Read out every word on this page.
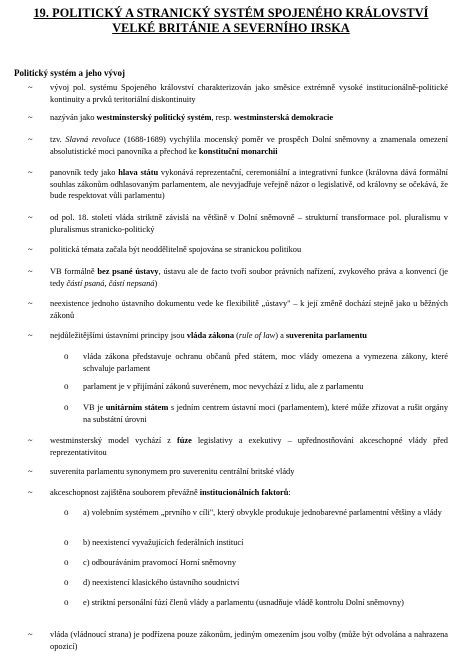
19. POLITICKÝ A STRANICKÝ SYSTÉM SPOJENÉHO KRÁLOVSTVÍ
VELKÉ BRITÁNIE A SEVERNÍHO IRSKA
Politický systém a jeho vývoj
~	vývoj pol. systému Spojeného království charakterizován jako směsice extrémně vysoké institucionálně-politické kontinuity a prvků teritoriální diskontinuity
~	nazýván jako westminsterský politický systém, resp. westminsterská demokracie
~	tzv. Slavná revoluce (1688-1689) vychýlila mocenský poměr ve prospěch Dolní sněmovny a znamenala omezení absolutistické moci panovníka a přechod ke konstituční monarchii
~	panovník tedy jako hlava státu vykonává reprezentační, ceremoniální a integrativní funkce (královna dává formální souhlas zákonům odhlasovaným parlamentem, ale nevyjadřuje veřejně názor o legislativě, od královny se očekává, že bude respektovat vůli parlamentu)
~	od pol. 18. století vláda striktně závislá na většině v Dolní sněmovně – strukturní transformace pol. pluralismu v pluralismus stranicko-politický
~	politická témata začala být neoddělitelně spojována se stranickou politikou
~	VB formálně bez psané ústavy, ústavu ale de facto tvoří soubor právních nařízení, zvykového práva a konvencí (je tedy částí psaná, částí nepsaná)
~	neexistence jednoho ústavního dokumentu vede ke flexibilitě „ústavy" – k její změně dochází stejně jako u běžných zákonů
~	nejdůležitějšími ústavními principy jsou vláda zákona (rule of law) a suverenita parlamentu
o	vláda zákona představuje ochranu občanů před státem, moc vlády omezena a vymezena zákony, které schvaluje parlament
o	parlament je v přijímání zákonů suverénem, moc nevychází z lidu, ale z parlamentu
o	VB je unitárním státem s jedním centrem ústavní moci (parlamentem), které může zřizovat a rušit orgány na substátní úrovni
~	westminsterský model vychází z fúze legislativy a exekutivy – upřednostňování akceschopné vlády před reprezentativitou
~	suverenita parlamentu synonymem pro suverenitu centrální britské vlády
~	akceschopnost zajištěna souborem převážně institucionálních faktorů:
o	a) volebním systémem „prvního v cíli", který obvykle produkuje jednobarevné parlamentní většiny a vlády
o	b) neexistencí vyvažujících federálních institucí
o	c) odbourávánim pravomocí Horní sněmovny
o	d) neexistencí klasického ústavního soudnictví
o	e) striktní personální fúzí členů vlády a parlamentu (usnadňuje vládě kontrolu Dolní sněmovny)
~	vláda (vládnoucí strana) je podřízena pouze zákonům, jediným omezením jsou volby (může být odvolána a nahrazena opozicí)
